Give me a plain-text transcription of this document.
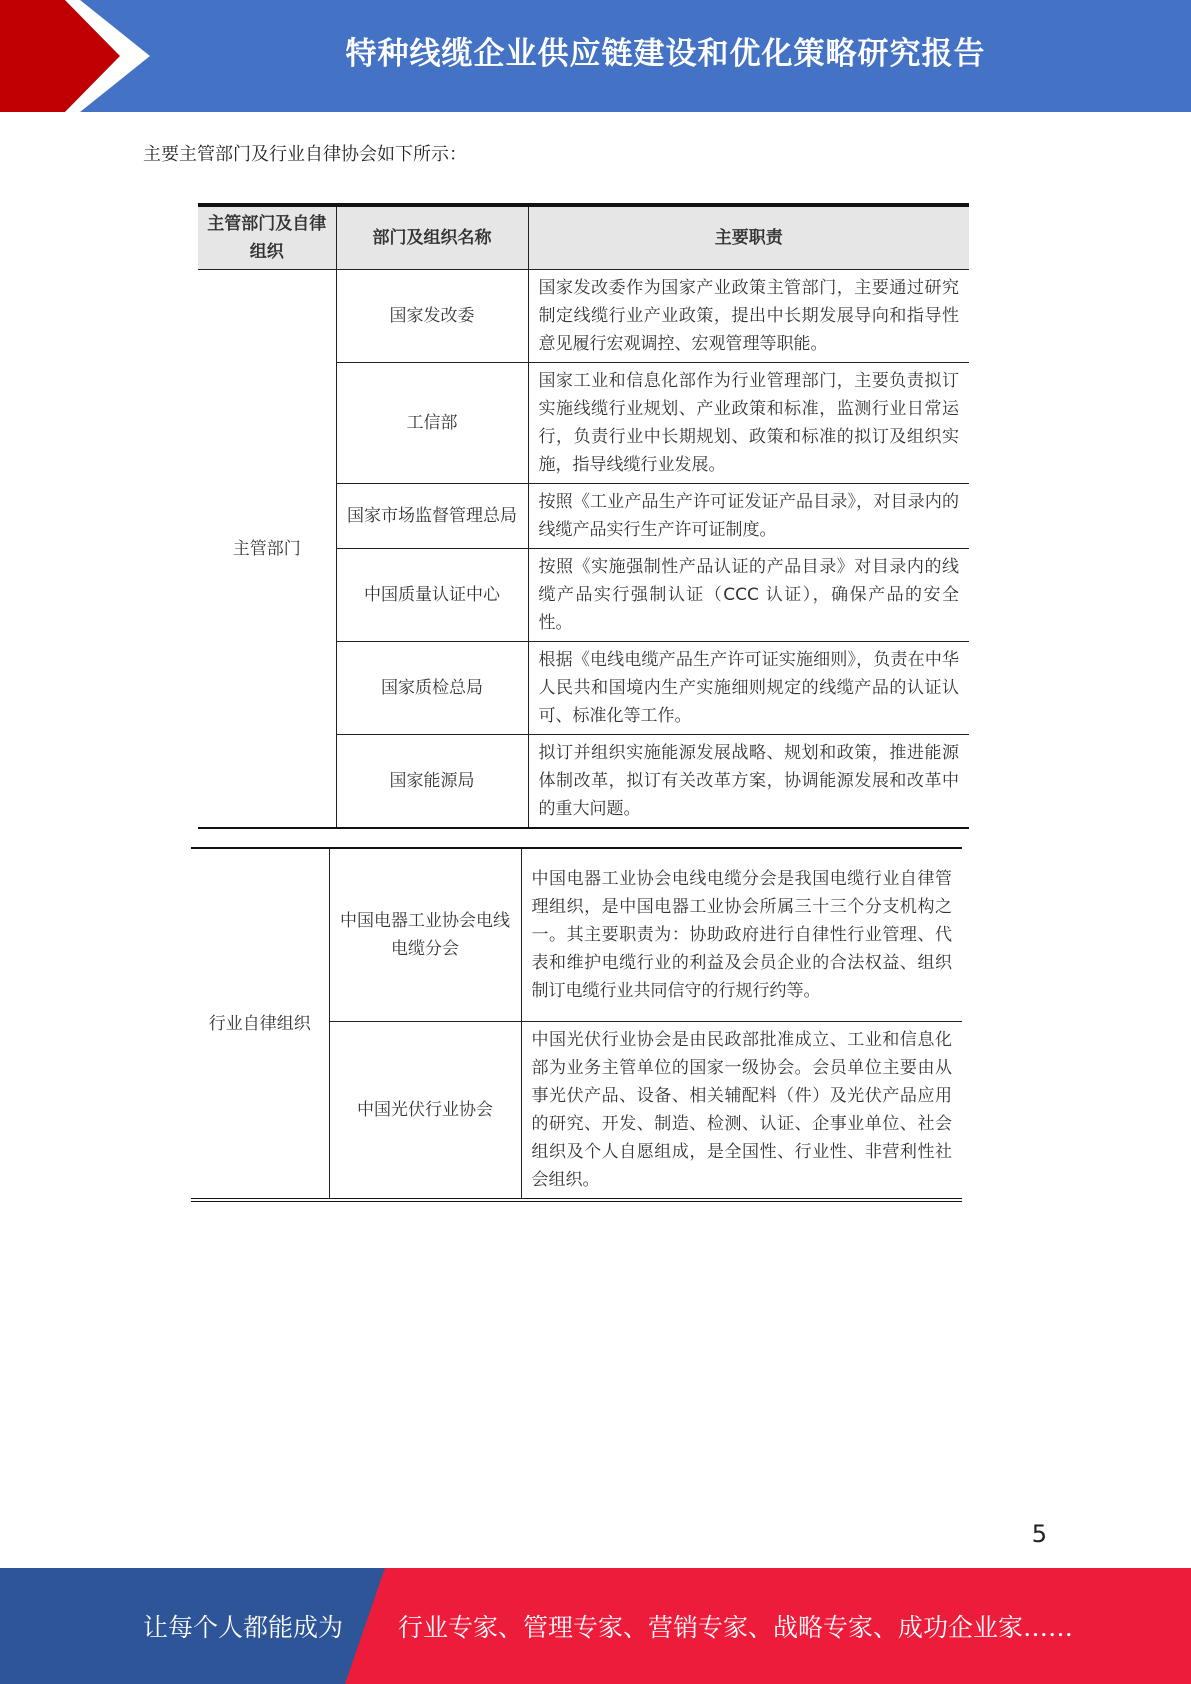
特种线缆企业供应链建设和优化策略研究报告
主要主管部门及行业自律协会如下所示：
主管部门及自律组织	部门及组织名称	主要职责
主管部门	国家发改委	国家发改委作为国家产业政策主管部门，主要通过研究制定线缆行业产业政策，提出中长期发展导向和指导性意见履行宏观调控、宏观管理等职能。
	工信部	国家工业和信息化部作为行业管理部门，主要负责拟订实施线缆行业规划、产业政策和标准，监测行业日常运行，负责行业中长期规划、政策和标准的拟订及组织实施，指导线缆行业发展。
	国家市场监督管理总局	按照《工业产品生产许可证发证产品目录》，对目录内的线缆产品实行生产许可证制度。
	中国质量认证中心	按照《实施强制性产品认证的产品目录》对目录内的线缆产品实行强制认证（CCC 认证），确保产品的安全性。
	国家质检总局	根据《电线电缆产品生产许可证实施细则》，负责在中华人民共和国境内生产实施细则规定的线缆产品的认证认可、标准化等工作。
	国家能源局	拟订并组织实施能源发展战略、规划和政策，推进能源体制改革，拟订有关改革方案，协调能源发展和改革中的重大问题。
行业自律组织	中国电器工业协会电线电缆分会	中国电器工业协会电线电缆分会是我国电缆行业自律管理组织，是中国电器工业协会所属三十三个分支机构之一。其主要职责为：协助政府进行自律性行业管理、代表和维护电缆行业的利益及会员企业的合法权益、组织制订电缆行业共同信守的行规行约等。
	中国光伏行业协会	中国光伏行业协会是由民政部批准成立、工业和信息化部为业务主管单位的国家一级协会。会员单位主要由从事光伏产品、设备、相关辅配料（件）及光伏产品应用的研究、开发、制造、检测、认证、企事业单位、社会组织及个人自愿组成，是全国性、行业性、非营利性社会组织。
5
让每个人都能成为 行业专家、管理专家、营销专家、战略专家、成功企业家……
